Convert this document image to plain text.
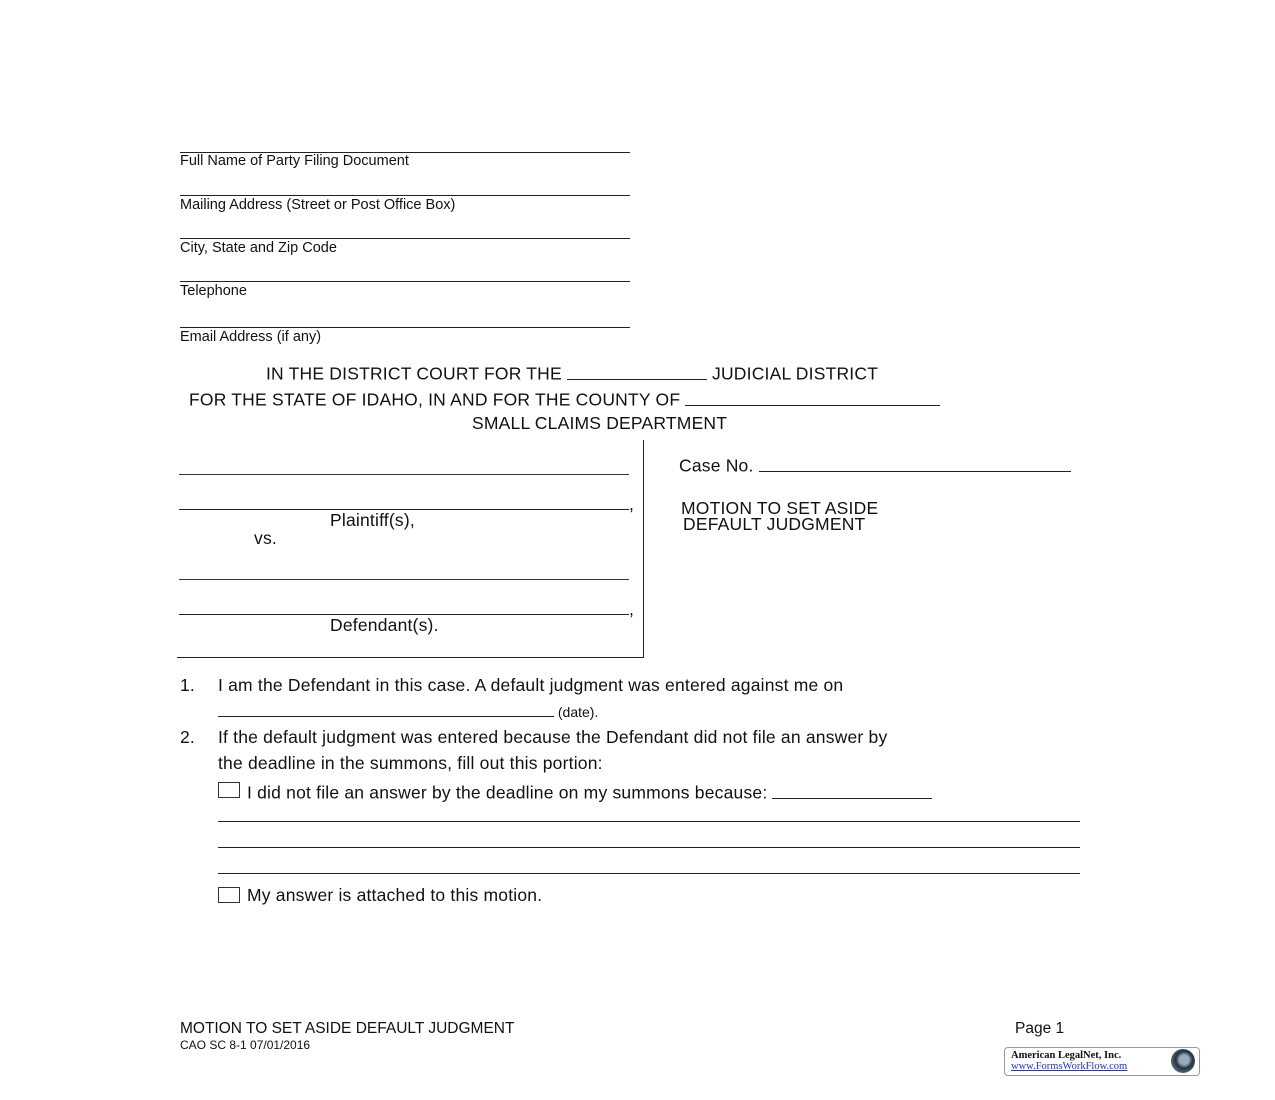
Full Name of Party Filing Document
Mailing Address (Street or Post Office Box)
City, State and Zip Code
Telephone
Email Address (if any)
IN THE DISTRICT COURT FOR THE	JUDICIAL DISTRICT
FOR THE STATE OF IDAHO, IN AND FOR THE COUNTY OF
SMALL CLAIMS DEPARTMENT
,
Plaintiff(s),
vs.
,
Defendant(s).
Case No.
MOTION TO SET ASIDE
DEFAULT JUDGMENT
1. I am the Defendant in this case. A default judgment was entered against me on
(date).
2. If the default judgment was entered because the Defendant did not file an answer by
the deadline in the summons, fill out this portion:
I did not file an answer by the deadline on my summons because:
My answer is attached to this motion.
MOTION TO SET ASIDE DEFAULT JUDGMENT
CAO SC 8-1 07/01/2016
Page 1
American LegalNet, Inc.
www.FormsWorkFlow.com
